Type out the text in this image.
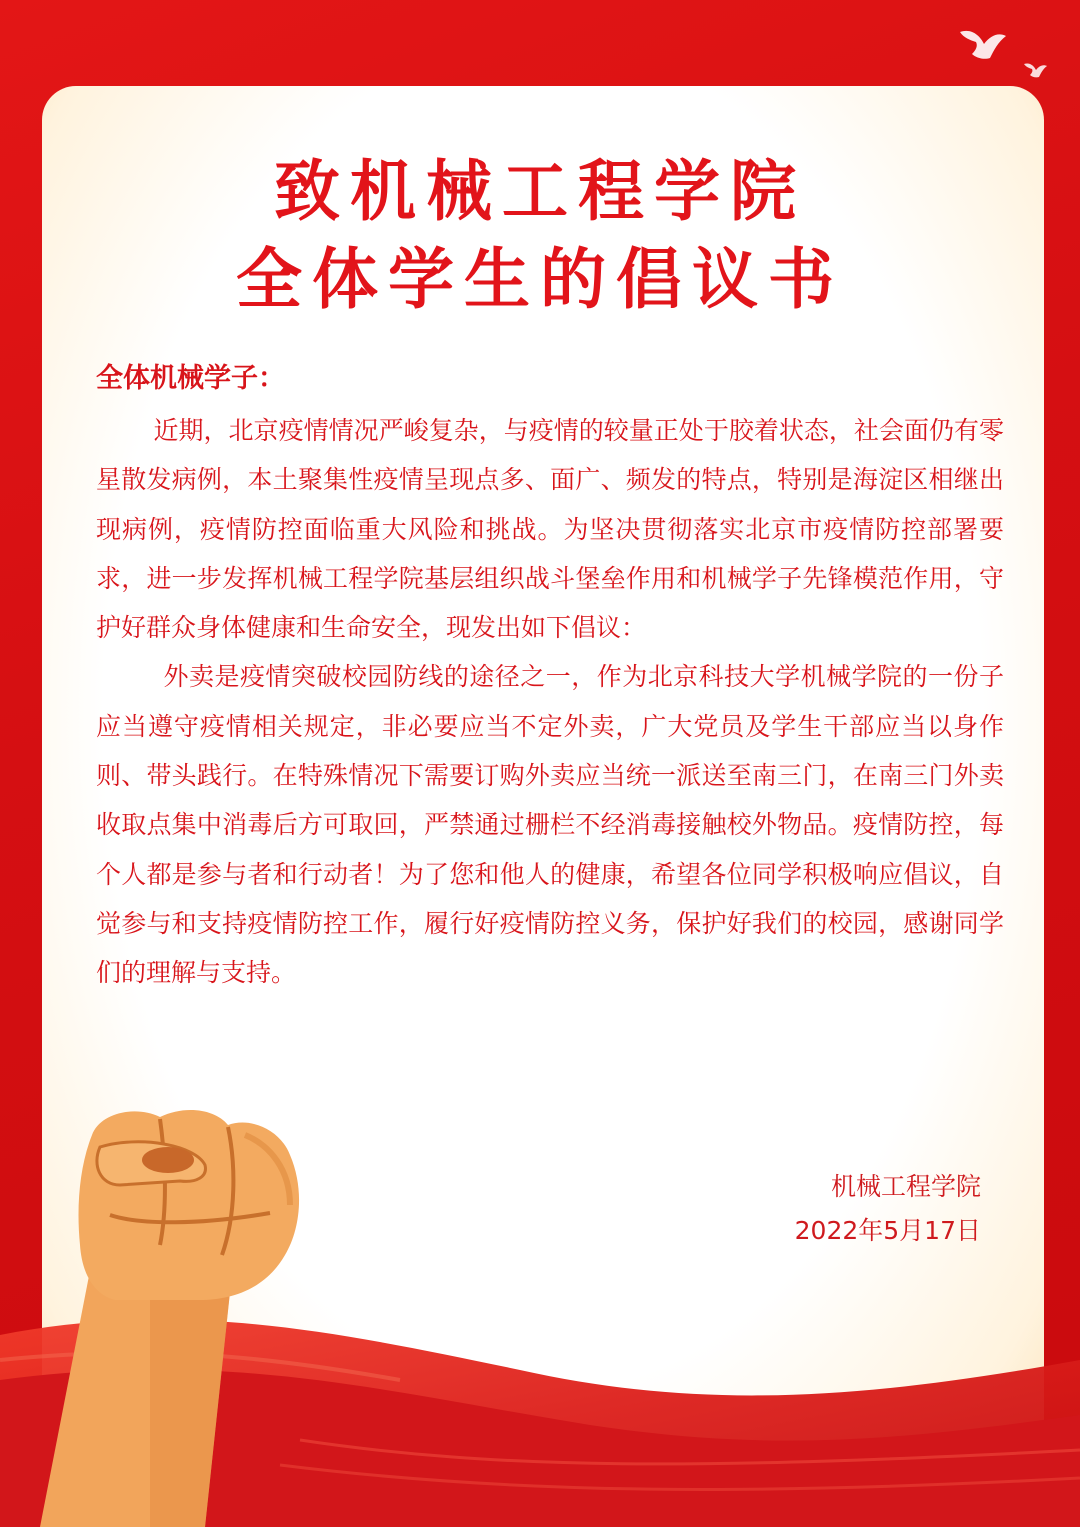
致机械工程学院
全体学生的倡议书
全体机械学子：

近期，北京疫情情况严峻复杂，与疫情的较量正处于胶着状态，社会面仍有零星散发病例，本土聚集性疫情呈现点多、面广、频发的特点，特别是海淀区相继出现病例，疫情防控面临重大风险和挑战。为坚决贯彻落实北京市疫情防控部署要求，进一步发挥机械工程学院基层组织战斗堡垒作用和机械学子先锋模范作用，守护好群众身体健康和生命安全，现发出如下倡议：

外卖是疫情突破校园防线的途径之一，作为北京科技大学机械学院的一份子应当遵守疫情相关规定，非必要应当不定外卖，广大党员及学生干部应当以身作则、带头践行。在特殊情况下需要订购外卖应当统一派送至南三门，在南三门外卖收取点集中消毒后方可取回，严禁通过栅栏不经消毒接触校外物品。疫情防控，每个人都是参与者和行动者！为了您和他人的健康，希望各位同学积极响应倡议，自觉参与和支持疫情防控工作，履行好疫情防控义务，保护好我们的校园，感谢同学们的理解与支持。

机械工程学院
2022年5月17日
